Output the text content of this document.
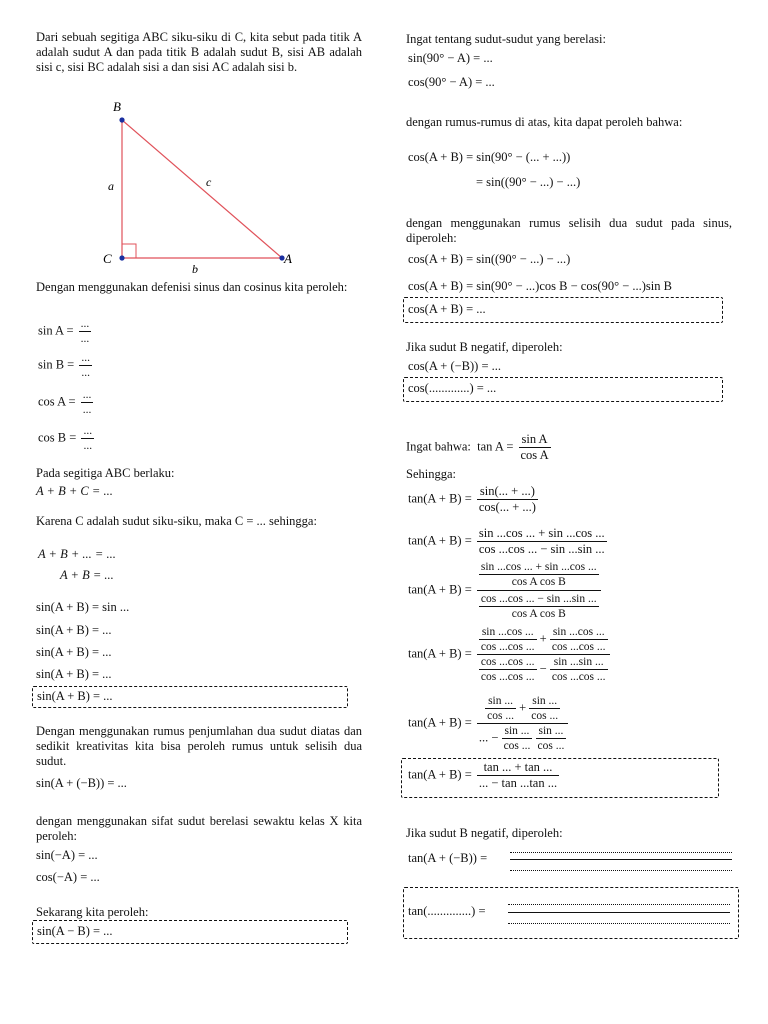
Dari sebuah segitiga ABC siku-siku di C, kita sebut pada titik A adalah sudut A dan pada titik B adalah sudut B, sisi AB adalah sisi c, sisi BC adalah sisi a dan sisi AC adalah sisi b.
B
C	A
a
b
c
Dengan menggunakan defenisi sinus dan cosinus kita peroleh:
$\sin A = \frac{...}{...}$
$\sin B = \frac{...}{...}$
$\cos A = \frac{...}{...}$
$\cos B = \frac{...}{...}$
Pada segitiga ABC berlaku:
A + B + C = ...
Karena C adalah sudut siku-siku, maka C = ... sehingga:
A + B + ... = ...
A + B = ...
sin(A + B) = sin ...
sin(A + B) = ...
sin(A + B) = ...
sin(A + B) = ...
sin(A + B) = ...
Dengan menggunakan rumus penjumlahan dua sudut diatas dan sedikit kreativitas kita bisa peroleh rumus untuk selisih dua sudut.
sin(A + (−B)) = ...
dengan menggunakan sifat sudut berelasi sewaktu kelas X kita peroleh:
sin(−A) = ...
cos(−A) = ...
Sekarang kita peroleh:
sin(A − B) = ...
Ingat tentang sudut-sudut yang berelasi:
sin(90° − A) = ...
cos(90° − A) = ...
dengan rumus-rumus di atas, kita dapat peroleh bahwa:
cos(A + B) = sin(90° − (... + ...))
= sin((90° − ...) − ...)
dengan menggunakan rumus selisih dua sudut pada sinus, diperoleh:
cos(A + B) = sin((90° − ...) − ...)
cos(A + B) = sin(90° − ...)cos B − cos(90° − ...)sin B
cos(A + B) = ...
Jika sudut B negatif, diperoleh:
cos(A + (−B)) = ...
cos(.............) = ...
Ingat bahwa: $\tan A = \frac{\text{sin A}}{\text{cos A}}$
Sehingga:
$\tan(A + B) = \frac{\sin(... + ...)}{\cos(... + ...)}$
$\tan(A + B) = \frac{\sin ...\cos ... + \sin ...\cos ...}{\cos ...\cos ... - \sin ...\sin ...}$
$\tan(A + B) = \frac{\frac{\sin ...\cos ... + \sin ...\cos ...}{\text{cos A cos B}}}{\frac{\cos ...\cos ... - \sin ...\sin ...}{\text{cos A cos B}}}$
tan(A + B) =
$\frac{\sin ...\cos ...}{\cos ...\cos ...} + \frac{\sin ...\cos ...}{\cos ...\cos ...}$
$\frac{\cos ...\cos ...}{\cos ...\cos ...} - \frac{\sin ...\sin ...}{\cos ...\cos ...}$
$\tan(A + B) = \frac{\sin ...}{\cos ...} + \frac{\sin ...}{\cos ...}$
... − $\frac{\sin ...}{\cos ...}$
$\frac{\sin ...}{\cos ...}$
$\tan(A + B) = \frac{\tan ... + \tan ...}{... - \tan ...\tan ...}$
Jika sudut B negatif, diperoleh:
tan(A + (−B)) =
tan(..............) =
